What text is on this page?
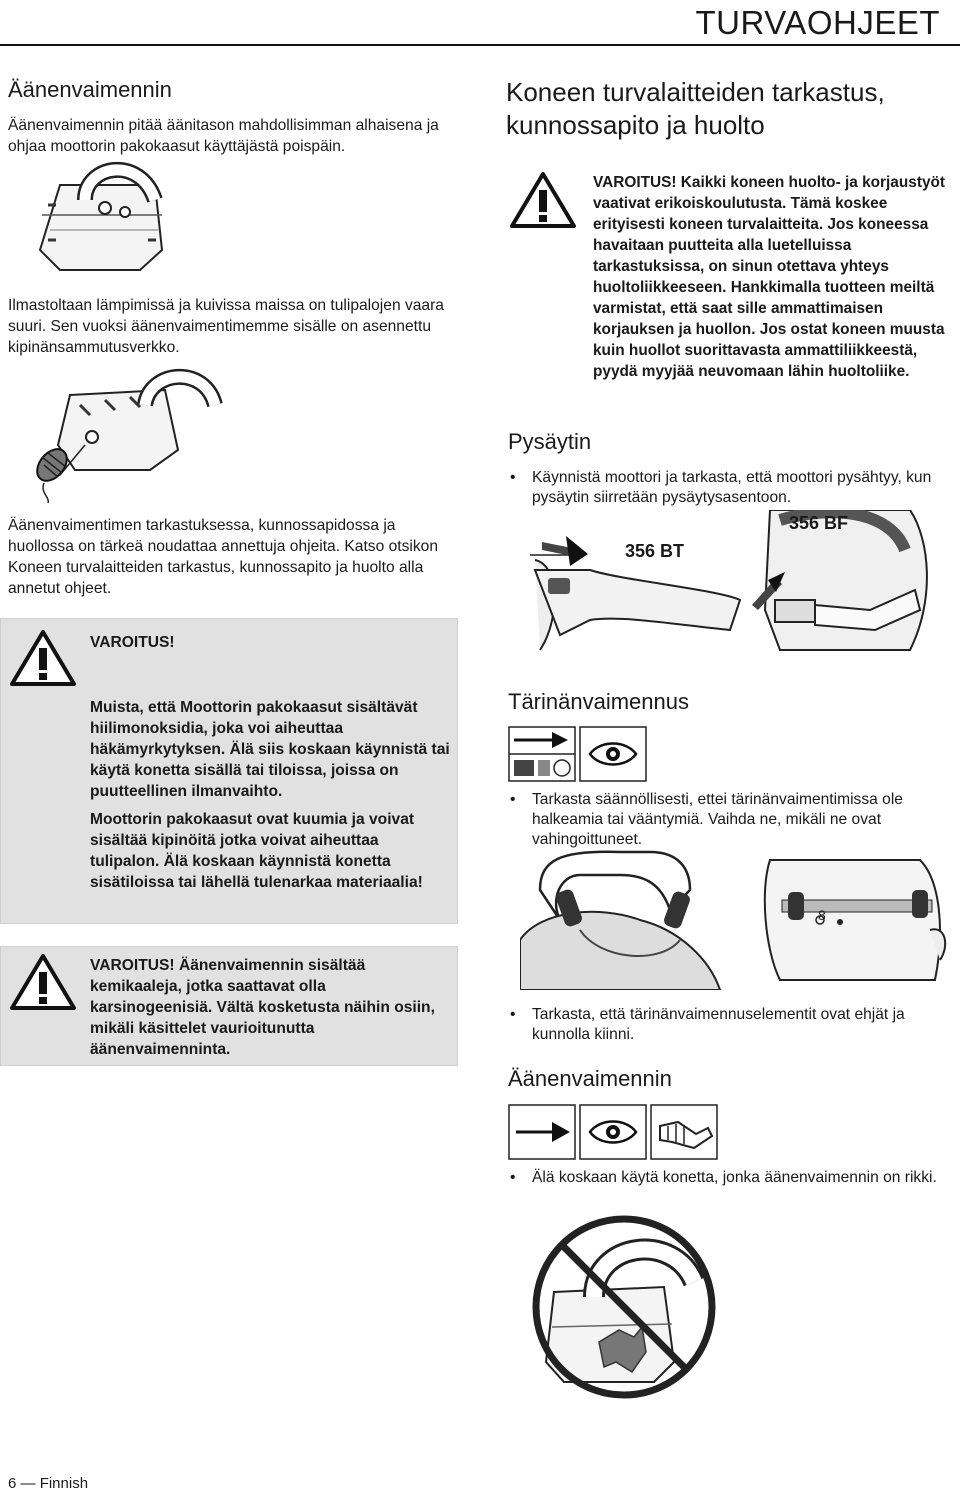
TURVAOHJEET
Äänenvaimennin
Äänenvaimennin pitää äänitason mahdollisimman alhaisena ja ohjaa moottorin pakokaasut käyttäjästä poispäin.
Ilmastoltaan lämpimissä ja kuivissa maissa on tulipalojen vaara suuri. Sen vuoksi äänenvaimentimemme sisälle on asennettu kipinänsammutusverkko.
Äänenvaimentimen tarkastuksessa, kunnossapidossa ja huollossa on tärkeä noudattaa annettuja ohjeita. Katso otsikon Koneen turvalaitteiden tarkastus, kunnossapito ja huolto alla annetut ohjeet.
VAROITUS!
Muista, että Moottorin pakokaasut sisältävät hiilimonoksidia, joka voi aiheuttaa häkämyrkytyksen. Älä siis koskaan käynnistä tai käytä konetta sisällä tai tiloissa, joissa on puutteellinen ilmanvaihto.
Moottorin pakokaasut ovat kuumia ja voivat sisältää kipinöitä jotka voivat aiheuttaa tulipalon. Älä koskaan käynnistä konetta sisätiloissa tai lähellä tulenarkaa materiaalia!
VAROITUS! Äänenvaimennin sisältää kemikaaleja, jotka saattavat olla karsinogeenisiä. Vältä kosketusta näihin osiin, mikäli käsittelet vaurioitunutta äänenvaimenninta.
Koneen turvalaitteiden tarkastus, kunnossapito ja huolto
VAROITUS! Kaikki koneen huolto- ja korjaustyöt vaativat erikoiskoulutusta. Tämä koskee erityisesti koneen turvalaitteita. Jos koneessa havaitaan puutteita alla luetelluissa tarkastuksissa, on sinun otettava yhteys huoltoliikkeeseen. Hankkimalla tuotteen meiltä varmistat, että saat sille ammattimaisen korjauksen ja huollon. Jos ostat koneen muusta kuin huollot suorittavasta ammattiliikkeestä, pyydä myyjää neuvomaan lähin huoltoliike.
Pysäytin
• Käynnistä moottori ja tarkasta, että moottori pysähtyy, kun pysäytin siirretään pysäytysasentoon.
356 BT
356 BF
Tärinänvaimennus
• Tarkasta säännöllisesti, ettei tärinänvaimentimissa ole halkeamia tai vääntymiä. Vaihda ne, mikäli ne ovat vahingoittuneet.
8
• Tarkasta, että tärinänvaimennuselementit ovat ehjät ja kunnolla kiinni.
Äänenvaimennin
• Älä koskaan käytä konetta, jonka äänenvaimennin on rikki.
6 — Finnish
